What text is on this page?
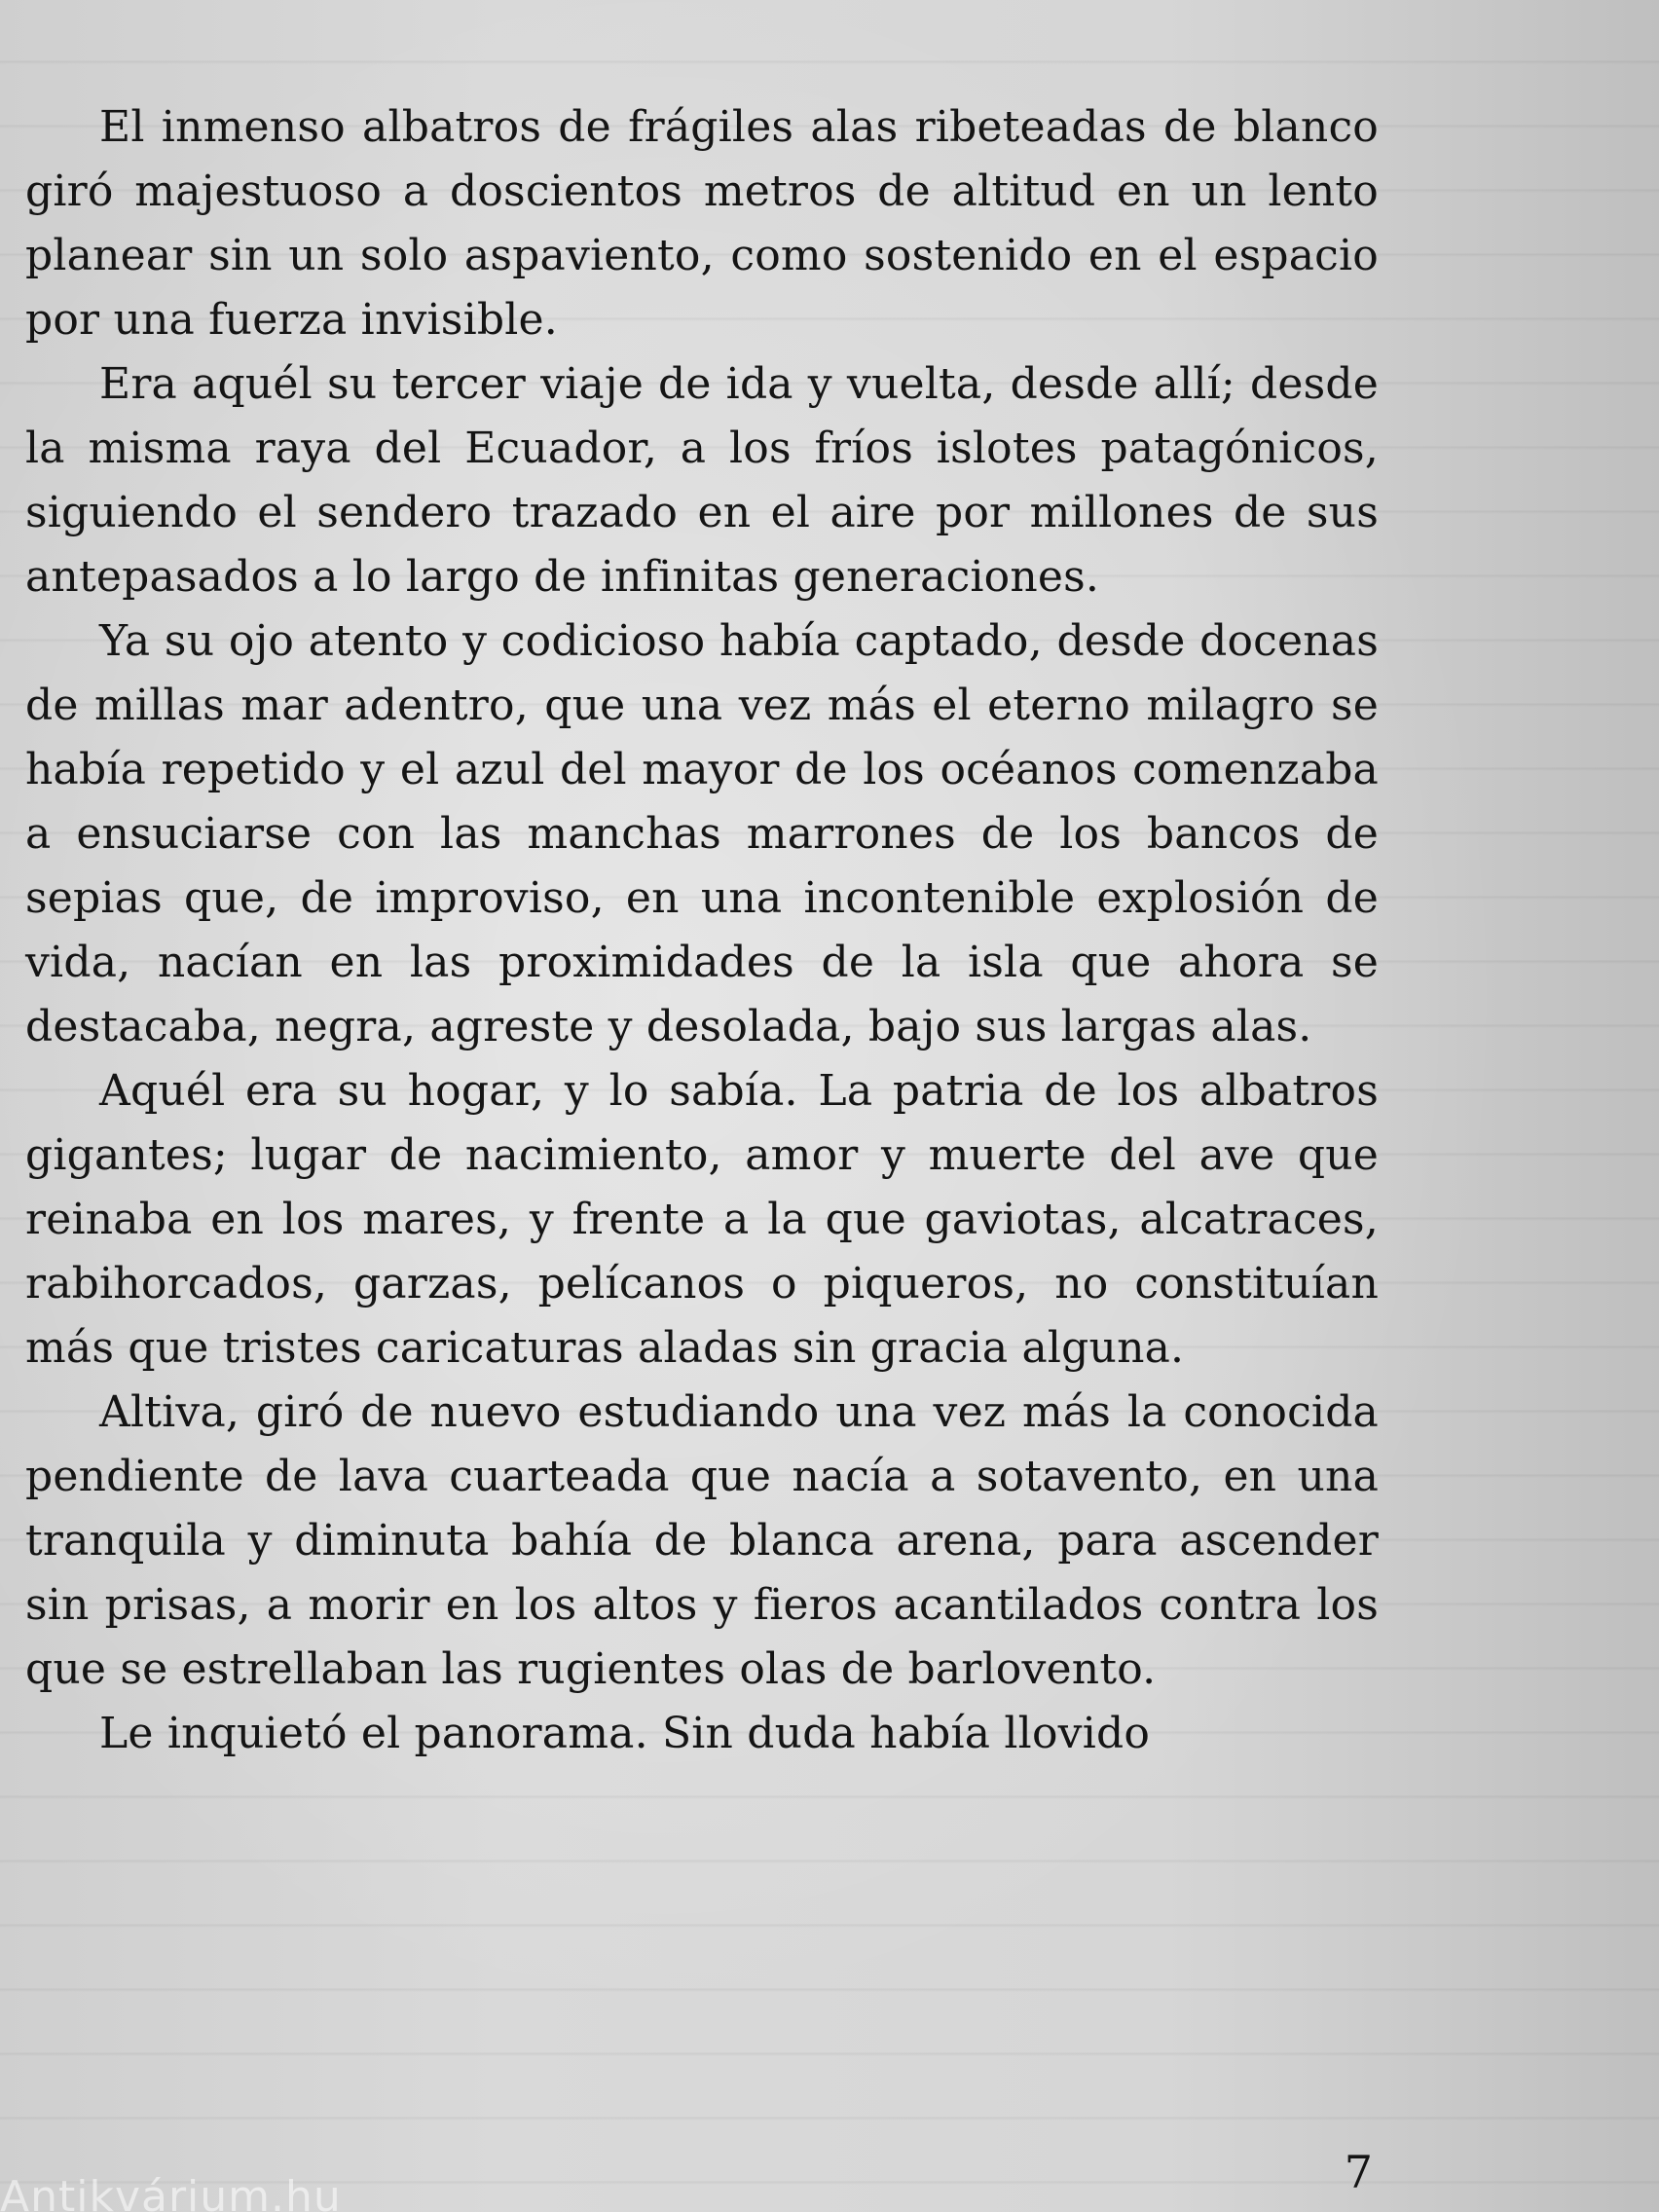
El inmenso albatros de frágiles alas ribeteadas de blanco giró majestuoso a doscientos metros de altitud en un lento planear sin un solo aspaviento, como sostenido en el espacio por una fuerza invisible.

Era aquél su tercer viaje de ida y vuelta, desde allí; desde la misma raya del Ecuador, a los fríos islotes patagónicos, siguiendo el sendero trazado en el aire por millones de sus antepasados a lo largo de infinitas generaciones.

Ya su ojo atento y codicioso había captado, desde docenas de millas mar adentro, que una vez más el eterno milagro se había repetido y el azul del mayor de los océanos comenzaba a ensuciarse con las manchas marrones de los bancos de sepias que, de improviso, en una incontenible explosión de vida, nacían en las proximidades de la isla que ahora se destacaba, negra, agreste y desolada, bajo sus largas alas.

Aquél era su hogar, y lo sabía. La patria de los albatros gigantes; lugar de nacimiento, amor y muerte del ave que reinaba en los mares, y frente a la que gaviotas, alcatraces, rabihorcados, garzas, pelícanos o piqueros, no constituían más que tristes caricaturas aladas sin gracia alguna.

Altiva, giró de nuevo estudiando una vez más la conocida pendiente de lava cuarteada que nacía a sotavento, en una tranquila y diminuta bahía de blanca arena, para ascender sin prisas, a morir en los altos y fieros acantilados contra los que se estrellaban las rugientes olas de barlovento.

Le inquietó el panorama. Sin duda había llovido

7
Antikvárium.hu
